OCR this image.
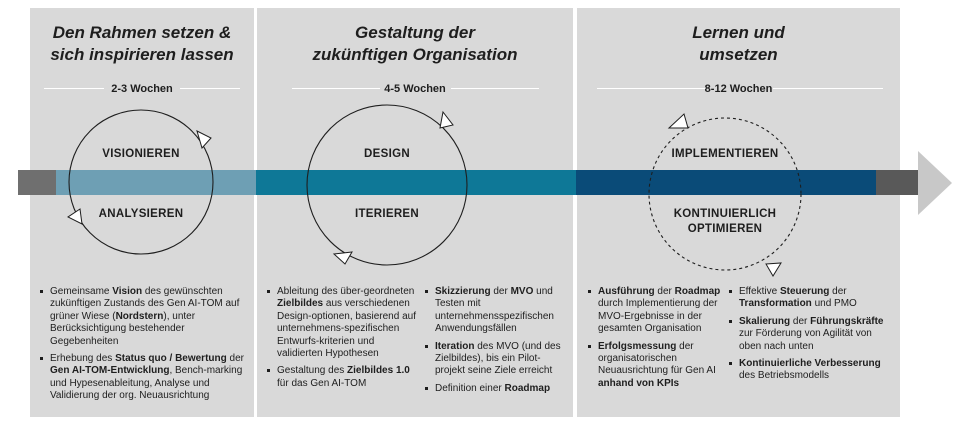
Den Rahmen setzen &
sich inspirieren lassen
2-3 Wochen
Gestaltung der
zukünftigen Organisation
4-5 Wochen
Lernen und
umsetzen
8-12 Wochen
VISIONIEREN
ANALYSIEREN
DESIGN
ITERIEREN
IMPLEMENTIEREN
KONTINUIERLICH
OPTIMIEREN
Gemeinsame Vision des gewünschten zukünftigen Zustands des Gen AI-TOM auf grüner Wiese (Nordstern), unter Berücksichtigung bestehender Gegebenheiten
Erhebung des Status quo / Bewertung der Gen AI-TOM-Entwicklung, Bench-marking und Hypesenableitung, Analyse und Validierung der org. Neuausrichtung
Ableitung des über-geordneten Zielbildes aus verschiedenen Design-optionen, basierend auf unternehmens-spezifischen Entwurfs-kriterien und validierten Hypothesen
Gestaltung des Zielbildes 1.0 für das Gen AI-TOM
Skizzierung der MVO und Testen mit unternehmensspezifischen Anwendungsfällen
Iteration des MVO (und des Zielbildes), bis ein Pilot-projekt seine Ziele erreicht
Definition einer Roadmap
Ausführung der Roadmap durch Implementierung der MVO-Ergebnisse in der gesamten Organisation
Erfolgsmessung der organisatorischen Neuausrichtung für Gen AI anhand von KPIs
Effektive Steuerung der Transformation und PMO
Skalierung der Führungskräfte zur Förderung von Agilität von oben nach unten
Kontinuierliche Verbesserung des Betriebsmodells
